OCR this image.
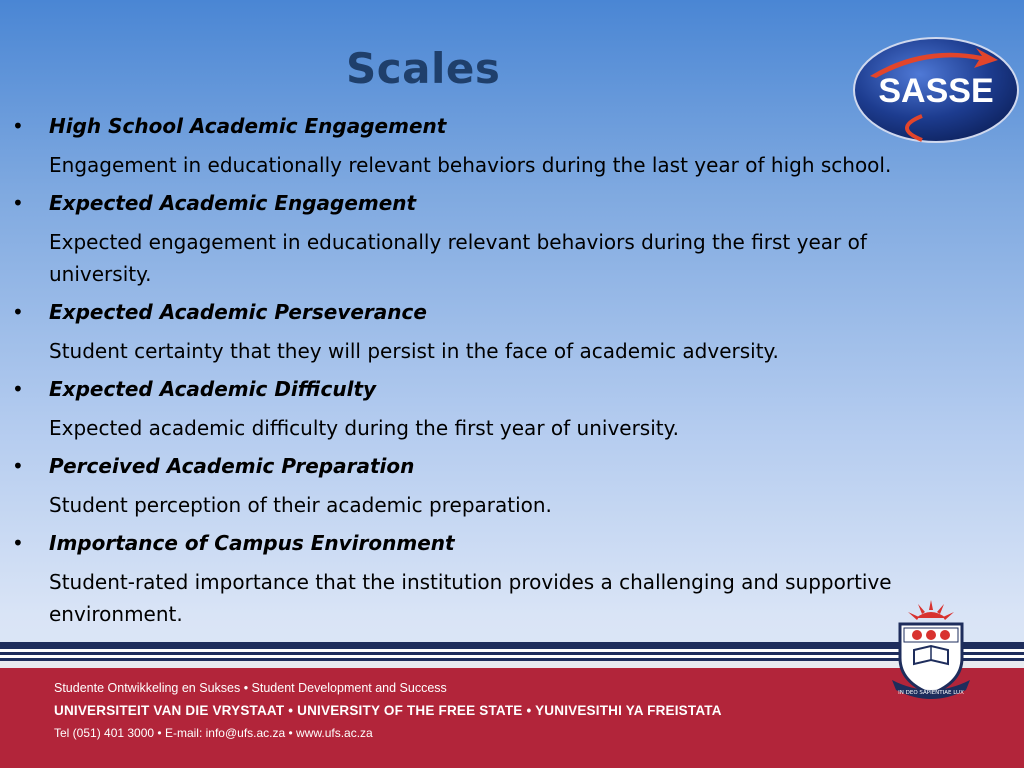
Scales	SASSE
• High School Academic Engagement
Engagement in educationally relevant behaviors during the last year of high school.
• Expected Academic Engagement
Expected engagement in educationally relevant behaviors during the first year of university.
• Expected Academic Perseverance
Student certainty that they will persist in the face of academic adversity.
• Expected Academic Difficulty
Expected academic difficulty during the first year of university.
• Perceived Academic Preparation
Student perception of their academic preparation.
• Importance of Campus Environment
Student-rated importance that the institution provides a challenging and supportive environment.
Studente Ontwikkeling en Sukses • Student Development and Success
UNIVERSITEIT VAN DIE VRYSTAAT • UNIVERSITY OF THE FREE STATE • YUNIVESITHI YA FREISTATA
Tel (051) 401 3000 • E-mail: info@ufs.ac.za • www.ufs.ac.za
IN DEO SAPIENTIAE LUX
